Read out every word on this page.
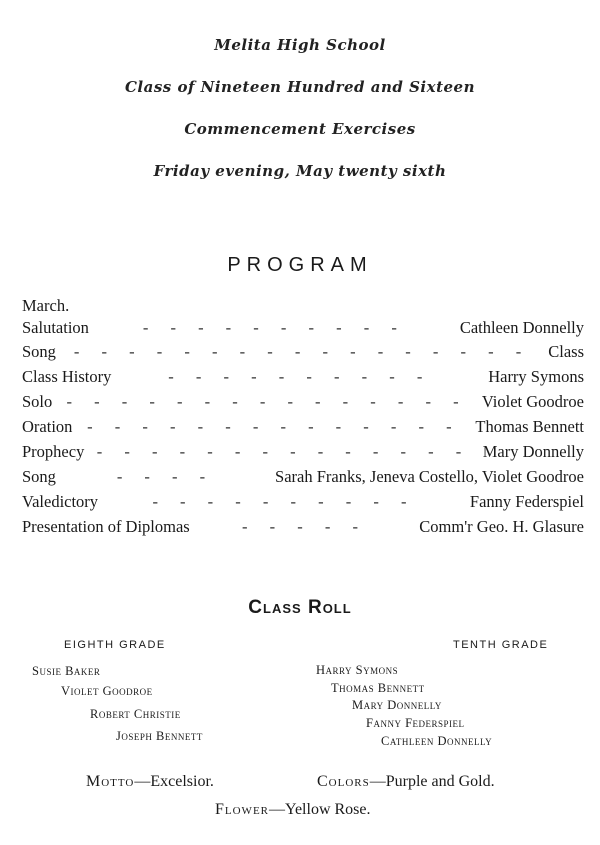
Melita High School
Class of Nineteen Hundred and Sixteen
Commencement Exercises
Friday evening, May twenty sixth
PROGRAM
March.
Salutation	- - - - - - - - - -	Cathleen Donnelly
Song	- - - - - - - - - - - - - - - - -	Class
Class History	- - - - - - - - - -	Harry Symons
Solo - - - - - - - - - - - - - - - Violet Goodroe
Oration - - - - - - - - - - - - - - Thomas Bennett
Prophecy - - - - - - - - - - - - - - Mary Donnelly
Song	- - - -	Sarah Franks, Jeneva Costello, Violet Goodroe
Valedictory	- - - - - - - - - -	Fanny Federspiel
Presentation of Diplomas	- - - - -	Comm'r Geo. H. Glasure
Class Roll
EIGHTH GRADE	TENTH GRADE
Susie Baker
Violet Goodroe
Robert Christie
Joseph Bennett
Harry Symons
Thomas Bennett
Mary Donnelly
Fanny Federspiel
Cathleen Donnelly
Motto—Excelsior.	Colors—Purple and Gold.
Flower—Yellow Rose.
